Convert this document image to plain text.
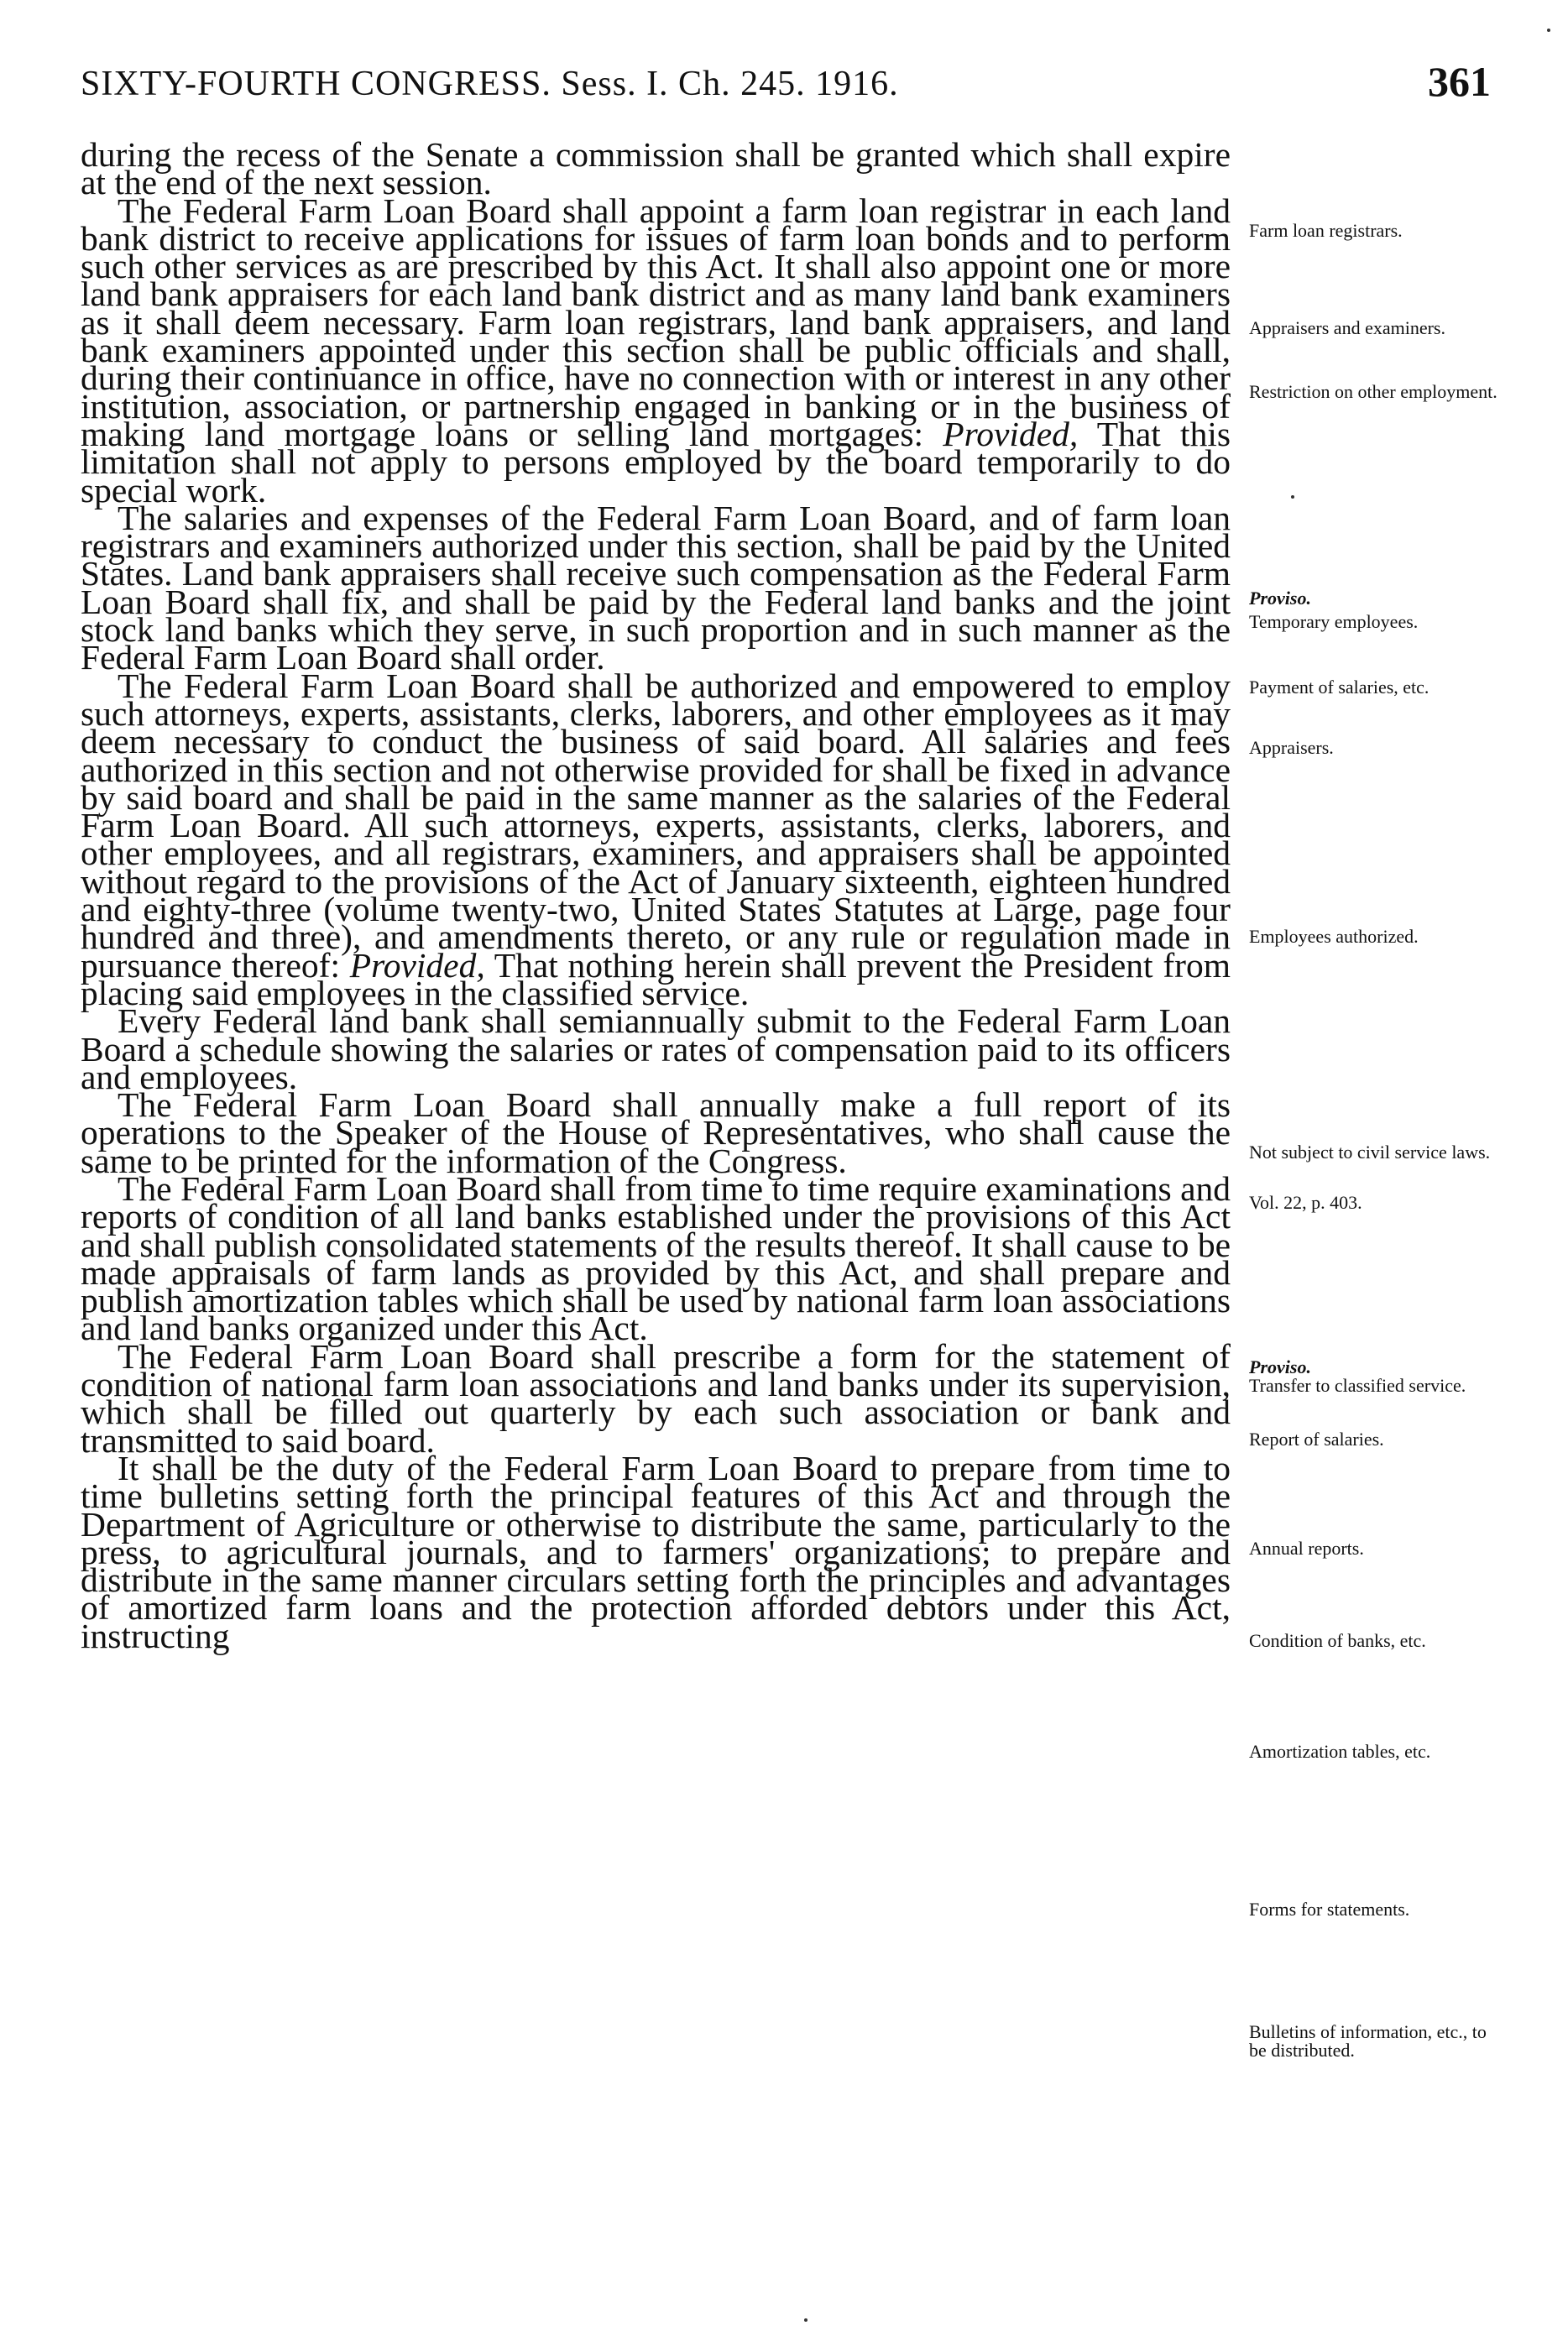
SIXTY-FOURTH CONGRESS. Sess. I. Ch. 245. 1916.	361

during the recess of the Senate a commission shall be granted which shall expire at the end of the next session.

The Federal Farm Loan Board shall appoint a farm loan registrar in each land bank district to receive applications for issues of farm loan bonds and to perform such other services as are prescribed by this Act. It shall also appoint one or more land bank appraisers for each land bank district and as many land bank examiners as it shall deem necessary. Farm loan registrars, land bank appraisers, and land bank examiners appointed under this section shall be public officials and shall, during their continuance in office, have no connection with or interest in any other institution, association, or partnership engaged in banking or in the business of making land mortgage loans or selling land mortgages: Provided, That this limitation shall not apply to persons employed by the board temporarily to do special work.

The salaries and expenses of the Federal Farm Loan Board, and of farm loan registrars and examiners authorized under this section, shall be paid by the United States. Land bank appraisers shall receive such compensation as the Federal Farm Loan Board shall fix, and shall be paid by the Federal land banks and the joint stock land banks which they serve, in such proportion and in such manner as the Federal Farm Loan Board shall order.

The Federal Farm Loan Board shall be authorized and empowered to employ such attorneys, experts, assistants, clerks, laborers, and other employees as it may deem necessary to conduct the business of said board. All salaries and fees authorized in this section and not otherwise provided for shall be fixed in advance by said board and shall be paid in the same manner as the salaries of the Federal Farm Loan Board. All such attorneys, experts, assistants, clerks, laborers, and other employees, and all registrars, examiners, and appraisers shall be appointed without regard to the provisions of the Act of January sixteenth, eighteen hundred and eighty-three (volume twenty-two, United States Statutes at Large, page four hundred and three), and amendments thereto, or any rule or regulation made in pursuance thereof: Provided, That nothing herein shall prevent the President from placing said employees in the classified service.

Every Federal land bank shall semiannually submit to the Federal Farm Loan Board a schedule showing the salaries or rates of compensation paid to its officers and employees.

The Federal Farm Loan Board shall annually make a full report of its operations to the Speaker of the House of Representatives, who shall cause the same to be printed for the information of the Congress.

The Federal Farm Loan Board shall from time to time require examinations and reports of condition of all land banks established under the provisions of this Act and shall publish consolidated statements of the results thereof. It shall cause to be made appraisals of farm lands as provided by this Act, and shall prepare and publish amortization tables which shall be used by national farm loan associations and land banks organized under this Act.

The Federal Farm Loan Board shall prescribe a form for the statement of condition of national farm loan associations and land banks under its supervision, which shall be filled out quarterly by each such association or bank and transmitted to said board.

It shall be the duty of the Federal Farm Loan Board to prepare from time to time bulletins setting forth the principal features of this Act and through the Department of Agriculture or otherwise to distribute the same, particularly to the press, to agricultural journals, and to farmers' organizations; to prepare and distribute in the same manner circulars setting forth the principles and advantages of amortized farm loans and the protection afforded debtors under this Act, instructing

Farm loan registrars.
Appraisers and examiners.
Restriction on other employment.
Proviso.
Temporary employees.
Payment of salaries, etc.
Appraisers.
Employees authorized.
Not subject to civil service laws.
Vol. 22, p. 403.
Proviso.
Transfer to classified service.
Report of salaries.
Annual reports.
Condition of banks, etc.
Amortization tables, etc.
Forms for statements.
Bulletins of information, etc., to be distributed.
